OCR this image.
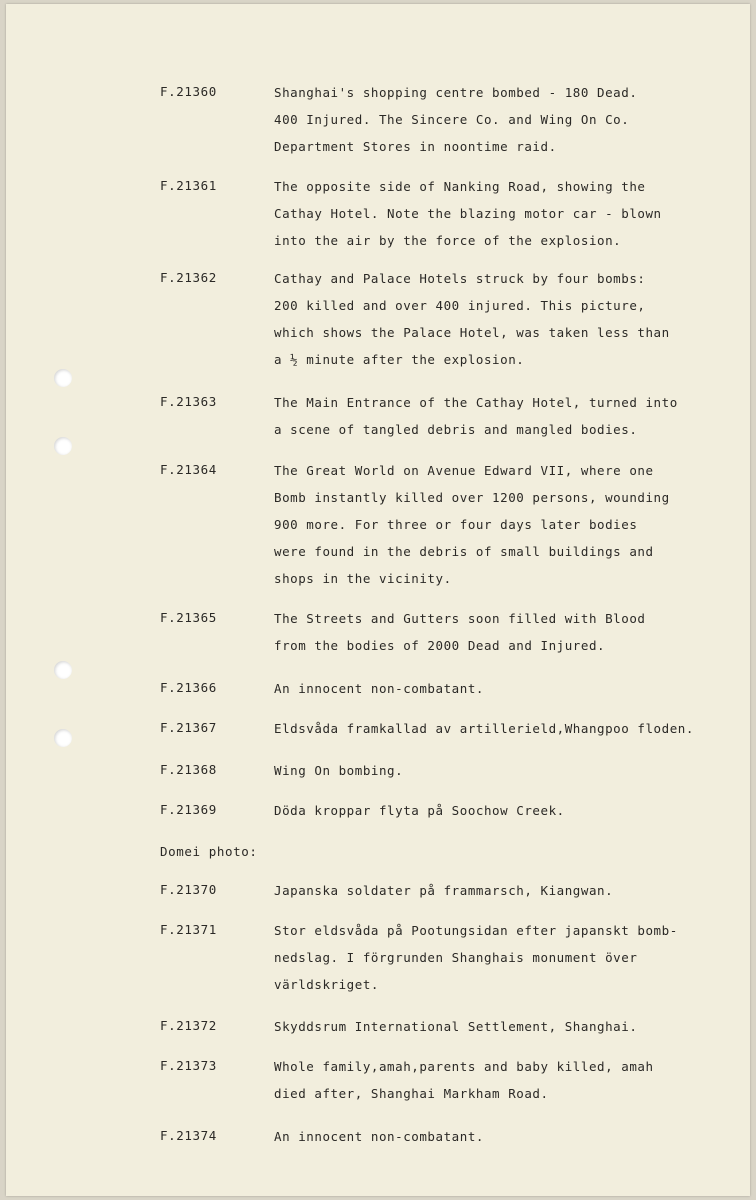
Domei photo:
F.21360	Shanghai's shopping centre bombed - 180 Dead.
400 Injured. The Sincere Co. and Wing On Co.
Department Stores in noontime raid.
F.21361	The opposite side of Nanking Road, showing the
Cathay Hotel. Note the blazing motor car - blown
into the air by the force of the explosion.
F.21362	Cathay and Palace Hotels struck by four bombs:
200 killed and over 400 injured. This picture,
which shows the Palace Hotel, was taken less than
a ½ minute after the explosion.
F.21363	The Main Entrance of the Cathay Hotel, turned into
a scene of tangled debris and mangled bodies.
F.21364	The Great World on Avenue Edward VII, where one
Bomb instantly killed over 1200 persons, wounding
900 more. For three or four days later bodies
were found in the debris of small buildings and
shops in the vicinity.
F.21365	The Streets and Gutters soon filled with Blood
from the bodies of 2000 Dead and Injured.
F.21366	An innocent non-combatant.
F.21367	Eldsvåda framkallad av artillerield,Whangpoo floden.
F.21368	Wing On bombing.
F.21369	Döda kroppar flyta på Soochow Creek.
F.21370	Japanska soldater på frammarsch, Kiangwan.
F.21371	Stor eldsvåda på Pootungsidan efter japanskt bomb-
nedslag. I förgrunden Shanghais monument över
världskriget.
F.21372	Skyddsrum International Settlement, Shanghai.
F.21373	Whole family,amah,parents and baby killed, amah
died after, Shanghai Markham Road.
F.21374	An innocent non-combatant.
